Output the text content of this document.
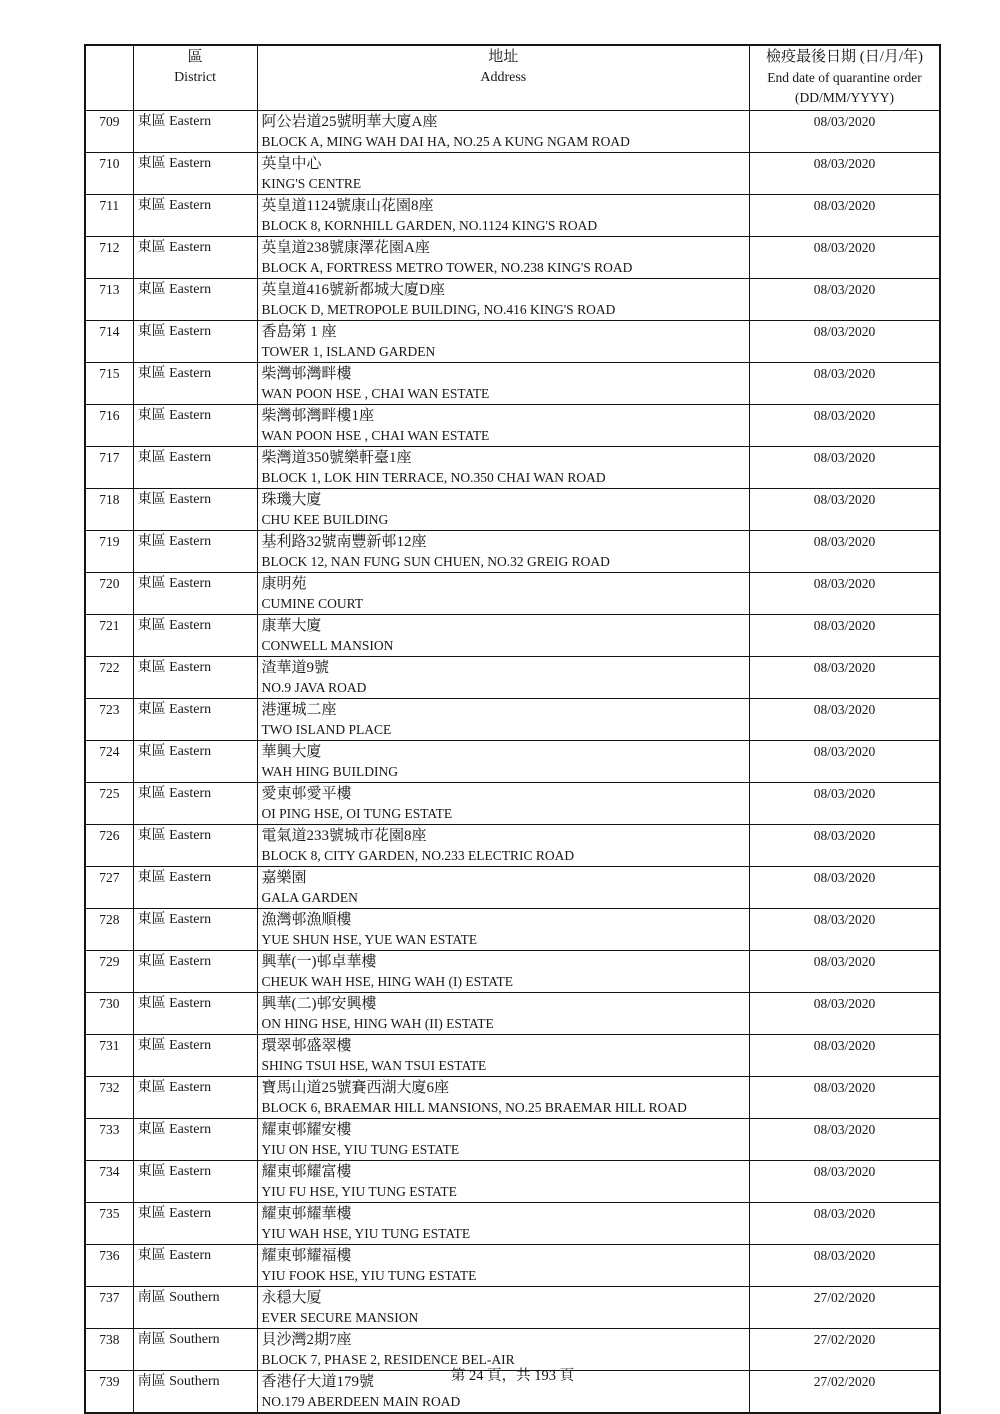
區
District

地址
Address

檢疫最後日期 (日/月/年)
End date of quarantine order
(DD/MM/YYYY)

709	東區 Eastern	阿公岩道25號明華大廈A座
BLOCK A, MING WAH DAI HA, NO.25 A KUNG NGAM ROAD	08/03/2020
710	東區 Eastern	英皇中心
KING'S CENTRE	08/03/2020
711	東區 Eastern	英皇道1124號康山花園8座
BLOCK 8, KORNHILL GARDEN, NO.1124 KING'S ROAD	08/03/2020
712	東區 Eastern	英皇道238號康澤花園A座
BLOCK A, FORTRESS METRO TOWER, NO.238 KING'S ROAD	08/03/2020
713	東區 Eastern	英皇道416號新都城大廈D座
BLOCK D, METROPOLE BUILDING, NO.416 KING'S ROAD	08/03/2020
714	東區 Eastern	香島第 1 座
TOWER 1, ISLAND GARDEN	08/03/2020
715	東區 Eastern	柴灣邨灣畔樓
WAN POON HSE , CHAI WAN ESTATE	08/03/2020
716	東區 Eastern	柴灣邨灣畔樓1座
WAN POON HSE , CHAI WAN ESTATE	08/03/2020
717	東區 Eastern	柴灣道350號樂軒臺1座
BLOCK 1, LOK HIN TERRACE, NO.350 CHAI WAN ROAD	08/03/2020
718	東區 Eastern	珠璣大廈
CHU KEE BUILDING	08/03/2020
719	東區 Eastern	基利路32號南豐新邨12座
BLOCK 12, NAN FUNG SUN CHUEN, NO.32 GREIG ROAD	08/03/2020
720	東區 Eastern	康明苑
CUMINE COURT	08/03/2020
721	東區 Eastern	康華大廈
CONWELL MANSION	08/03/2020
722	東區 Eastern	渣華道9號
NO.9 JAVA ROAD	08/03/2020
723	東區 Eastern	港運城二座
TWO ISLAND PLACE	08/03/2020
724	東區 Eastern	華興大廈
WAH HING BUILDING	08/03/2020
725	東區 Eastern	愛東邨愛平樓
OI PING HSE, OI TUNG ESTATE	08/03/2020
726	東區 Eastern	電氣道233號城市花園8座
BLOCK 8, CITY GARDEN, NO.233 ELECTRIC ROAD	08/03/2020
727	東區 Eastern	嘉樂園
GALA GARDEN	08/03/2020
728	東區 Eastern	漁灣邨漁順樓
YUE SHUN HSE, YUE WAN ESTATE	08/03/2020
729	東區 Eastern	興華(一)邨卓華樓
CHEUK WAH HSE, HING WAH (I) ESTATE	08/03/2020
730	東區 Eastern	興華(二)邨安興樓
ON HING HSE, HING WAH (II) ESTATE	08/03/2020
731	東區 Eastern	環翠邨盛翠樓
SHING TSUI HSE, WAN TSUI ESTATE	08/03/2020
732	東區 Eastern	寶馬山道25號賽西湖大廈6座
BLOCK 6, BRAEMAR HILL MANSIONS, NO.25 BRAEMAR HILL ROAD	08/03/2020
733	東區 Eastern	耀東邨耀安樓
YIU ON HSE, YIU TUNG ESTATE	08/03/2020
734	東區 Eastern	耀東邨耀富樓
YIU FU HSE, YIU TUNG ESTATE	08/03/2020
735	東區 Eastern	耀東邨耀華樓
YIU WAH HSE, YIU TUNG ESTATE	08/03/2020
736	東區 Eastern	耀東邨耀福樓
YIU FOOK HSE, YIU TUNG ESTATE	08/03/2020
737	南區 Southern	永穏大厦
EVER SECURE MANSION	27/02/2020
738	南區 Southern	貝沙灣2期7座
BLOCK 7, PHASE 2, RESIDENCE BEL-AIR	27/02/2020
739	南區 Southern	香港仔大道179號
NO.179 ABERDEEN MAIN ROAD	27/02/2020
第 24 頁，共 193 頁
